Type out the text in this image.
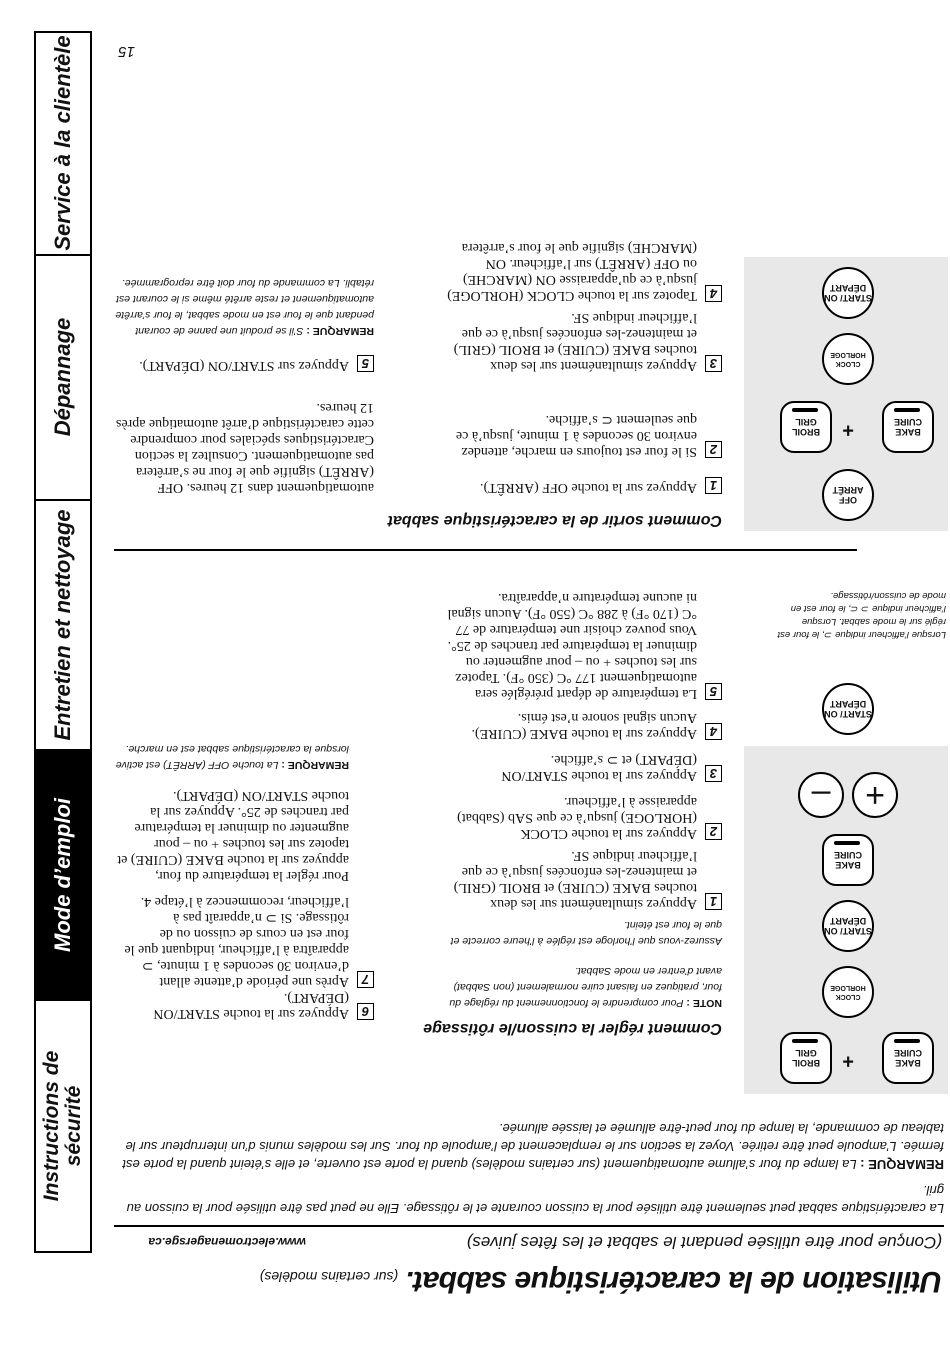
Instructions de sécurité
Mode d’emploi
Entretien et nettoyage
Dépannage
Service à la clientèle
Utilisation de la caractéristique sabbat. (sur certains modèles)
(Conçue pour être utilisée pendant le sabbat et les fêtes juives)
www.electromenagersge.ca
La caractéristique sabbat peut seulement être utilisée pour la cuisson courante et le rôtissage. Elle ne peut pas être utilisée pour la cuisson au gril.
REMARQUE : La lampe du four s’allume automatiquement (sur certains modèles) quand la porte est ouverte, et elle s’éteint quand la porte est fermée. L’ampoule peut être retirée. Voyez la section sur le remplacement de l’ampoule du four. Sur les modèles munis d’un interrupteur sur le tableau de commande, la lampe du four peut-être allumée et laissée allumée.
Comment régler la cuisson/le rôtissage
BAKE CUIRE
+
BROIL GRIL
CLOCK HORLOGE
START/ ON DÉPART
BAKE CUIRE
+
–
START/ ON DÉPART
Lorsque l’afficheur indique ⊃, le four est réglé sur le mode sabbat. Lorsque l’afficheur indique ⊃ ⊂, le four est en mode de cuisson/rôtissage.
NOTE : Pour comprendre le fonctionnement du réglage du four, pratiquez en faisant cuire normalement (non Sabbat) avant d’entrer en mode Sabbat.
Assurez-vous que l’horloge est réglée à l’heure correcte et que le four est éteint.
1
Appuyez simultanément sur les deux touches BAKE (CUIRE) et BROIL (GRIL) et maintenez-les enfoncées jusqu’à ce que l’afficheur indique SF.
2
Appuyez sur la touche CLOCK (HORLOGE) jusqu’à ce que SAb (Sabbat) apparaisse à l’afficheur.
3
Appuyez sur la touche START/ON (DÉPART) et ⊃ s’affiche.
4
Appuyez sur la touche BAKE (CUIRE). Aucun signal sonore n’est émis.
5
La température de départ préréglée sera automatiquement 177 °C (350 °F). Tapotez sur les touches + ou – pour augmenter ou diminuer la température par tranches de 25°. Vous pouvez choisir une température de 77 °C (170 °F) à 288 °C (550 °F). Aucun signal ni aucune température n’apparaîtra.
6
Appuyez sur la touche START/ON (DÉPART).
7
Après une période d’attente allant d’environ 30 secondes à 1 minute, ⊃ apparaîtra à l’afficheur, indiquant que le four est en cours de cuisson ou de rôtissage. Si ⊃ n’apparaît pas à l’afficheur, recommencez à l’étape 4.
Pour régler la température du four, appuyez sur la touche BAKE (CUIRE) et tapotez sur les touches + ou – pour augmenter ou diminuer la température par tranches de 25°. Appuyez sur la touche START/ON (DÉPART).
REMARQUE : La touche OFF (ARRÊT) est active lorsque la caractéristique sabbat est en marche.
Comment sortir de la caractéristique sabbat
OFF ARRÊT
BAKE CUIRE
+
BROIL GRIL
CLOCK HORLOGE
START/ ON DÉPART
1
Appuyez sur la touche OFF (ARRÊT).
2
Si le four est toujours en marche, attendez environ 30 secondes à 1 minute, jusqu’à ce que seulement ⊂ s’affiche.
3
Appuyez simultanément sur les deux touches BAKE (CUIRE) et BROIL (GRIL) et maintenez-les enfoncées jusqu’à ce que l’afficheur indique SF.
4
Tapotez sur la touche CLOCK (HORLOGE) jusqu’à ce qu’apparaisse ON (MARCHE) ou OFF (ARRÊT) sur l’afficheur. ON (MARCHE) signifie que le four s’arrêtera
automatiquement dans 12 heures. OFF (ARRÊT) signifie que le four ne s’arrêtera pas automatiquement. Consultez la section Caractéristiques spéciales pour comprendre cette caractéristique d’arrêt automatique après 12 heures.
5
Appuyez sur START/ON (DÉPART).
REMARQUE : S’il se produit une panne de courant pendant que le four est en mode sabbat, le four s’arrête automatiquement et reste arrêté même si le courant est rétabli. La commande du four doit être reprogrammée.
15
